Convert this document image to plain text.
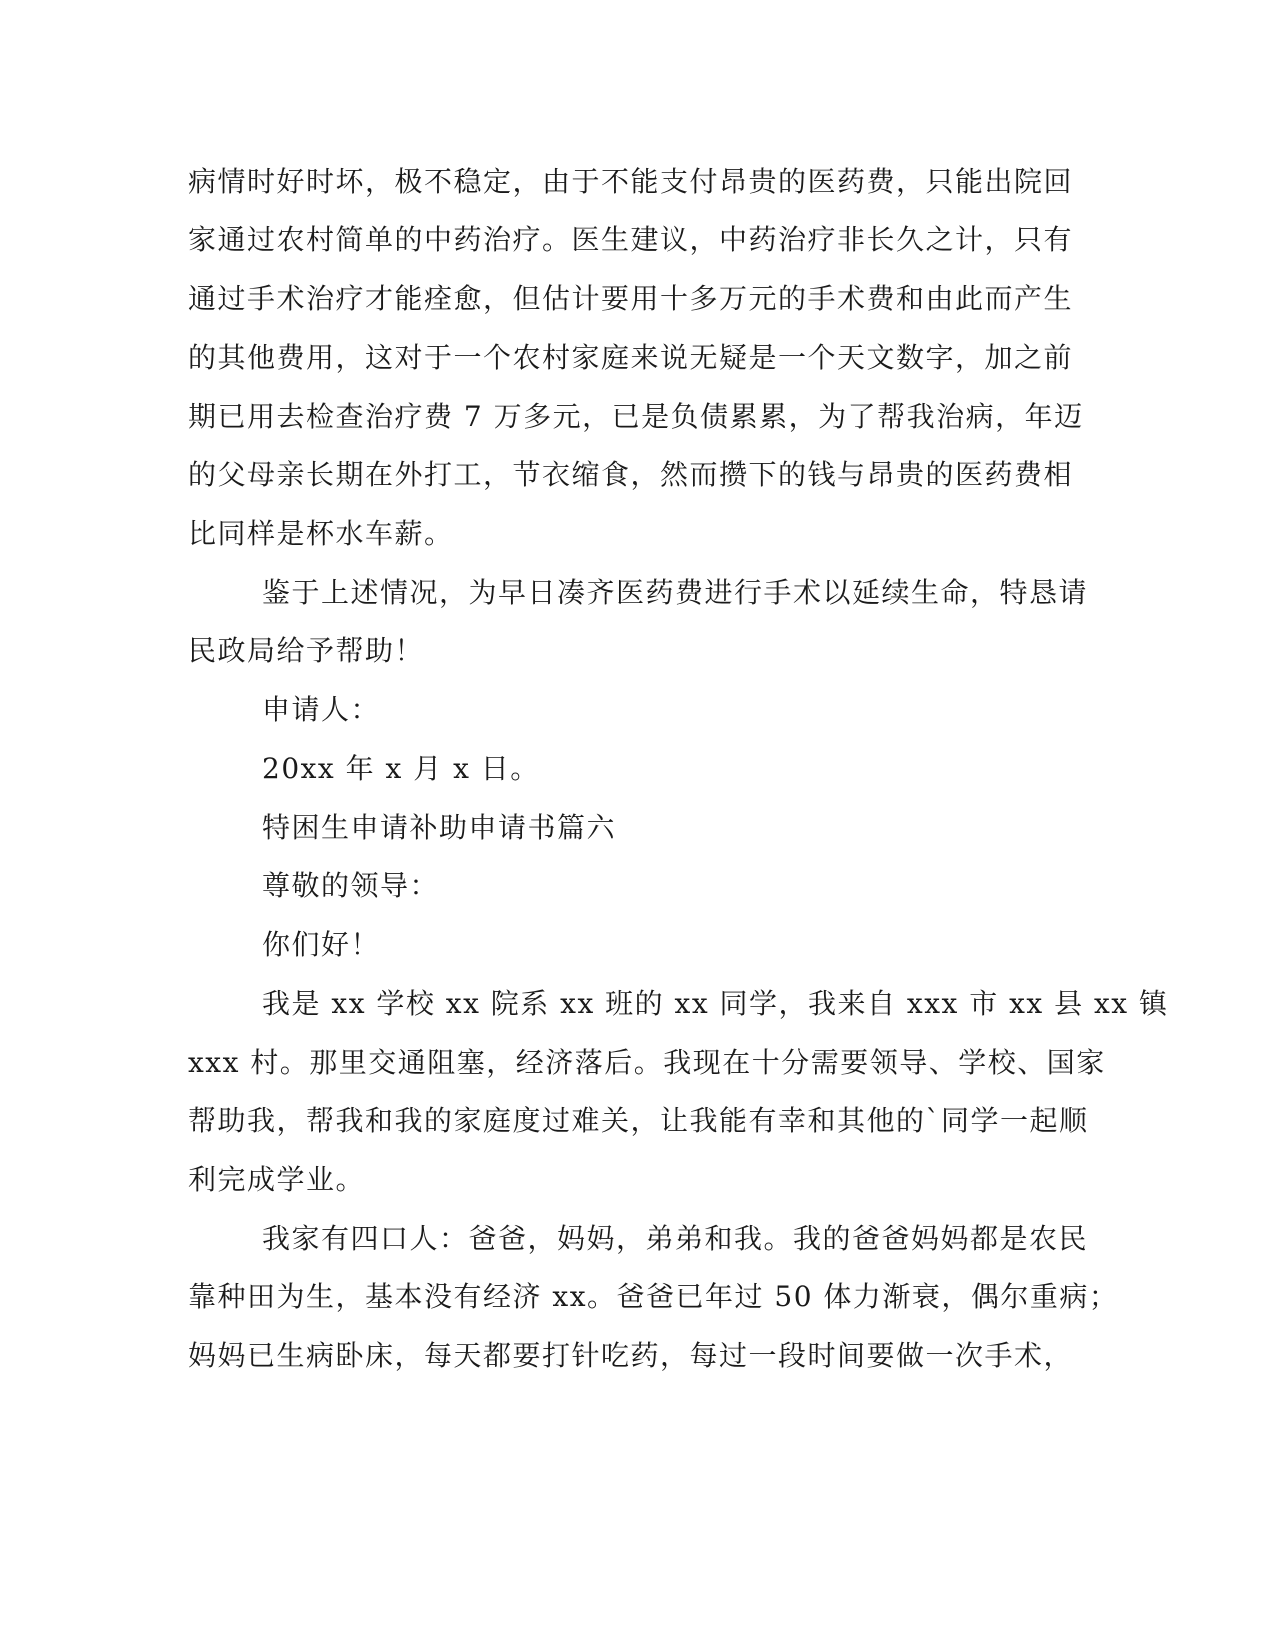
病情时好时坏，极不稳定，由于不能支付昂贵的医药费，只能出院回
家通过农村简单的中药治疗。医生建议，中药治疗非长久之计，只有
通过手术治疗才能痊愈，但估计要用十多万元的手术费和由此而产生
的其他费用，这对于一个农村家庭来说无疑是一个天文数字，加之前
期已用去检查治疗费 7 万多元，已是负债累累，为了帮我治病，年迈
的父母亲长期在外打工，节衣缩食，然而攒下的钱与昂贵的医药费相
比同样是杯水车薪。
鉴于上述情况，为早日凑齐医药费进行手术以延续生命，特恳请
民政局给予帮助！
申请人：
20xx 年 x 月 x 日。
特困生申请补助申请书篇六
尊敬的领导：
你们好！
我是 xx 学校 xx 院系 xx 班的 xx 同学，我来自 xxx 市 xx 县 xx 镇
xxx 村。那里交通阻塞，经济落后。我现在十分需要领导、学校、国家
帮助我，帮我和我的家庭度过难关，让我能有幸和其他的`同学一起顺
利完成学业。
我家有四口人：爸爸，妈妈，弟弟和我。我的爸爸妈妈都是农民
靠种田为生，基本没有经济 xx。爸爸已年过 50 体力渐衰，偶尔重病；
妈妈已生病卧床，每天都要打针吃药，每过一段时间要做一次手术，
